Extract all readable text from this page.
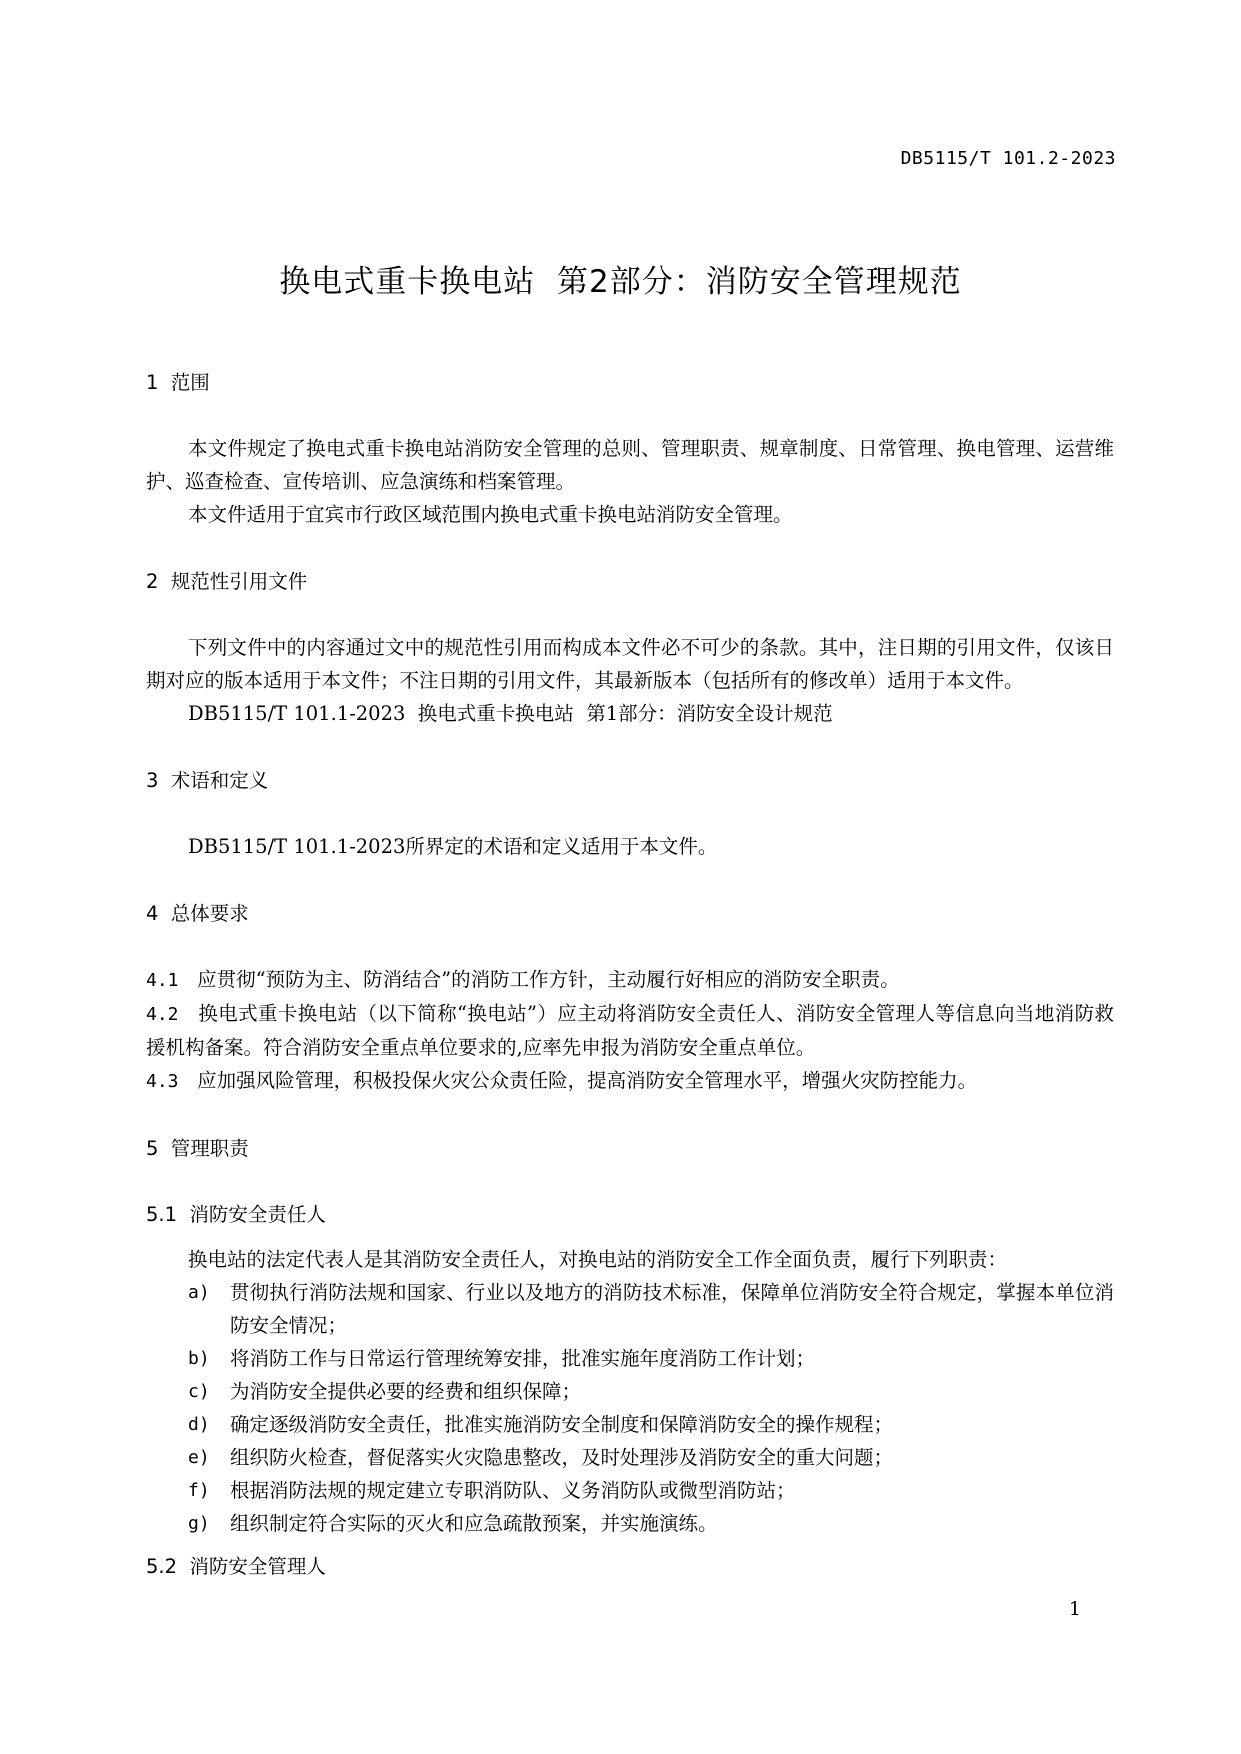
DB5115/T 101.2-2023
换电式重卡换电站  第2部分：消防安全管理规范
1  范围

本文件规定了换电式重卡换电站消防安全管理的总则、管理职责、规章制度、日常管理、换电管理、运营维护、巡查检查、宣传培训、应急演练和档案管理。

本文件适用于宜宾市行政区域范围内换电式重卡换电站消防安全管理。

2  规范性引用文件

下列文件中的内容通过文中的规范性引用而构成本文件必不可少的条款。其中，注日期的引用文件，仅该日期对应的版本适用于本文件；不注日期的引用文件，其最新版本（包括所有的修改单）适用于本文件。

DB5115/T 101.1-2023  换电式重卡换电站  第1部分：消防安全设计规范

3  术语和定义

DB5115/T 101.1-2023所界定的术语和定义适用于本文件。

4  总体要求

4.1 应贯彻“预防为主、防消结合”的消防工作方针，主动履行好相应的消防安全职责。

4.2 换电式重卡换电站（以下简称“换电站”）应主动将消防安全责任人、消防安全管理人等信息向当地消防救援机构备案。符合消防安全重点单位要求的,应率先申报为消防安全重点单位。

4.3 应加强风险管理，积极投保火灾公众责任险，提高消防安全管理水平，增强火灾防控能力。

5  管理职责
5.1  消防安全责任人

换电站的法定代表人是其消防安全责任人，对换电站的消防安全工作全面负责，履行下列职责：

a) 贯彻执行消防法规和国家、行业以及地方的消防技术标准，保障单位消防安全符合规定，掌握本单位消防安全情况；
b) 将消防工作与日常运行管理统筹安排，批准实施年度消防工作计划；
c) 为消防安全提供必要的经费和组织保障；
d) 确定逐级消防安全责任，批准实施消防安全制度和保障消防安全的操作规程；
e) 组织防火检查，督促落实火灾隐患整改，及时处理涉及消防安全的重大问题；
f) 根据消防法规的规定建立专职消防队、义务消防队或微型消防站；
g) 组织制定符合实际的灭火和应急疏散预案，并实施演练。
5.2  消防安全管理人
1
